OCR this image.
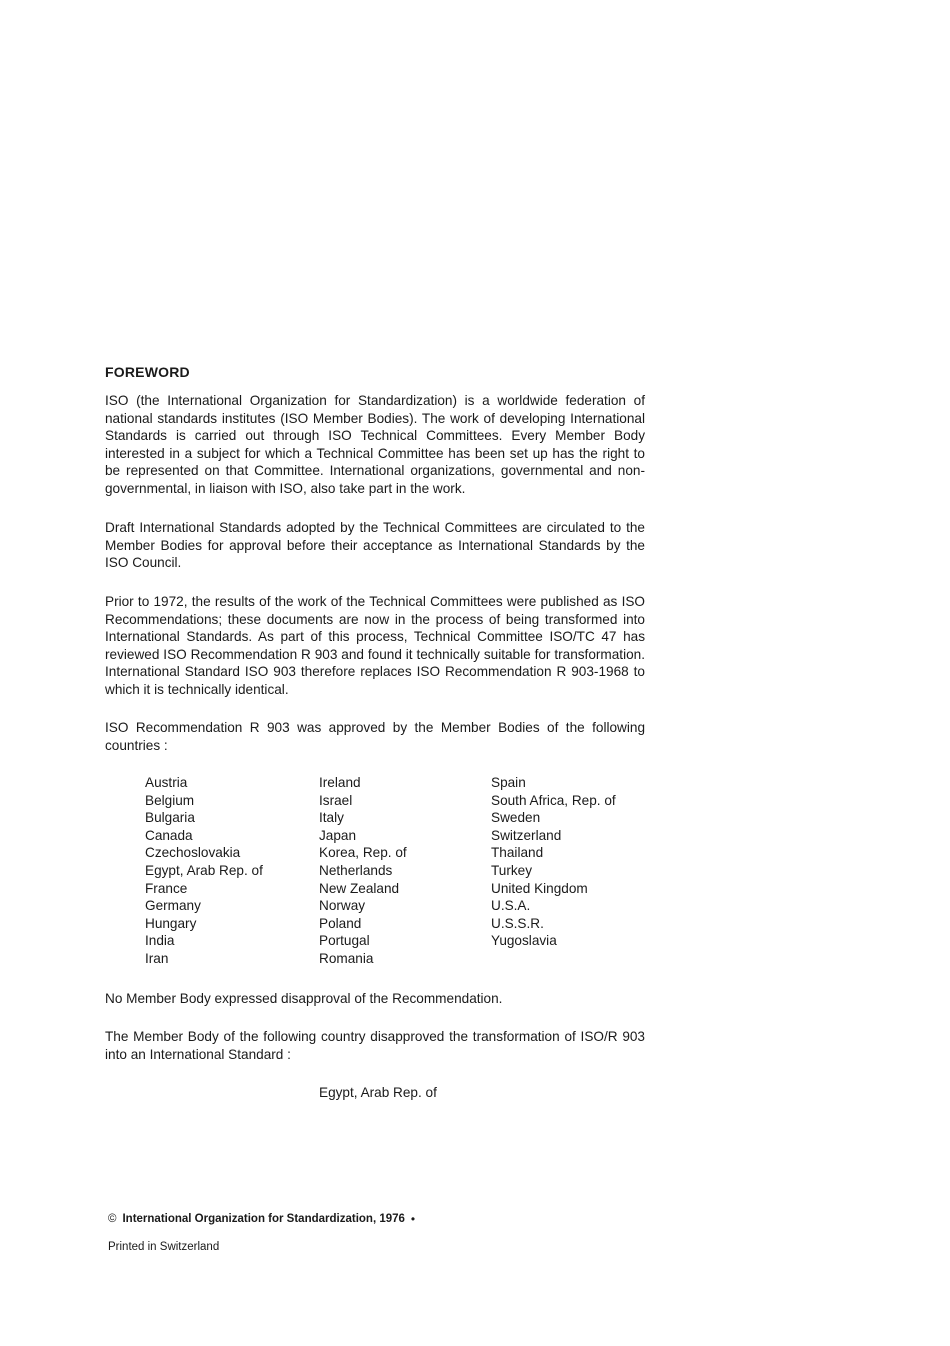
FOREWORD

ISO (the International Organization for Standardization) is a worldwide federation of national standards institutes (ISO Member Bodies). The work of developing International Standards is carried out through ISO Technical Committees. Every Member Body interested in a subject for which a Technical Committee has been set up has the right to be represented on that Committee. International organizations, governmental and non-governmental, in liaison with ISO, also take part in the work.

Draft International Standards adopted by the Technical Committees are circulated to the Member Bodies for approval before their acceptance as International Standards by the ISO Council.

Prior to 1972, the results of the work of the Technical Committees were published as ISO Recommendations; these documents are now in the process of being transformed into International Standards. As part of this process, Technical Committee ISO/TC 47 has reviewed ISO Recommendation R 903 and found it technically suitable for transformation. International Standard ISO 903 therefore replaces ISO Recommendation R 903-1968 to which it is technically identical.

ISO Recommendation R 903 was approved by the Member Bodies of the following countries :

Austria
Belgium
Bulgaria
Canada
Czechoslovakia
Egypt, Arab Rep. of
France
Germany
Hungary
India
Iran
Ireland
Israel
Italy
Japan
Korea, Rep. of
Netherlands
New Zealand
Norway
Poland
Portugal
Romania
Spain
South Africa, Rep. of
Sweden
Switzerland
Thailand
Turkey
United Kingdom
U.S.A.
U.S.S.R.
Yugoslavia

No Member Body expressed disapproval of the Recommendation.

The Member Body of the following country disapproved the transformation of ISO/R 903 into an International Standard :

Egypt, Arab Rep. of
© International Organization for Standardization, 1976 •
Printed in Switzerland
